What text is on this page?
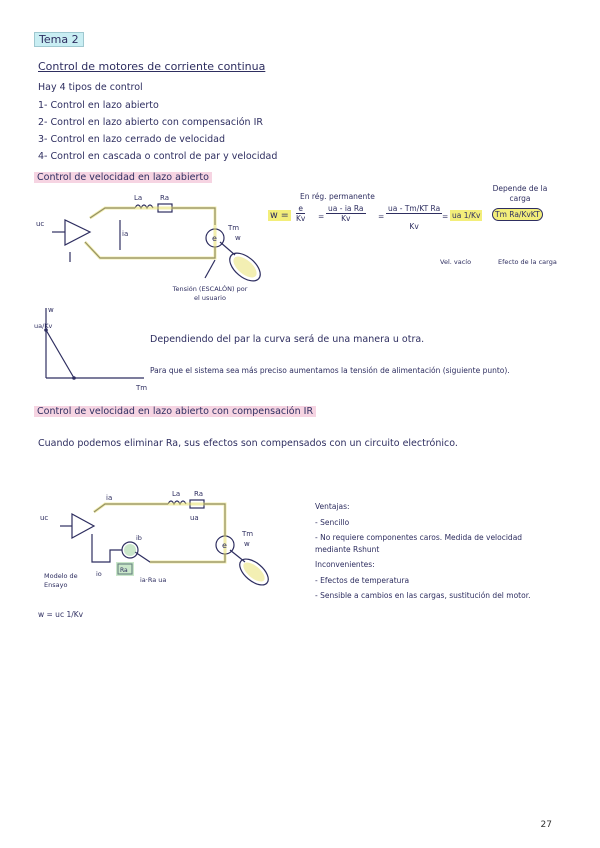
Tema 2
Control de motores de corriente continua
Hay 4 tipos de control
1- Control en lazo abierto
2- Control en lazo abierto con compensación IR
3- Control en lazo cerrado de velocidad
4- Control en cascada o control de par y velocidad
Control de velocidad en lazo abierto
uc
La	Ra
ia	e
Tm
w
Tensión (ESCALÓN) por el usuario
En rég. permanente
Depende de la carga
$w = \frac{e}{Kv} = \frac{\text{ua - ia Ra}}{Kv} = \frac{\text{ua - Tm/KT Ra}}{Kv}$ = ua 1/Kv	Tm Ra/KvKT
Vel. vacío	Efecto de la carga
ua/Kv
Tm
w
Dependiendo del par la curva será de una manera u otra.
Para que el sistema sea más preciso aumentamos la tensión de alimentación (siguiente punto).
Control de velocidad en lazo abierto con compensación IR
Cuando podemos eliminar Ra, sus efectos son compensados con un circuito electrónico.
uc
ia	La Ra
ua
e
Tm
w
ib
io	Ra
Modelo de Ensayo
ia·Ra ua
w = uc 1/Kv
Ventajas:
- Sencillo
- No requiere componentes caros. Medida de velocidad mediante Rshunt
Inconvenientes:
- Efectos de temperatura
- Sensible a cambios en las cargas, sustitución del motor.
27
